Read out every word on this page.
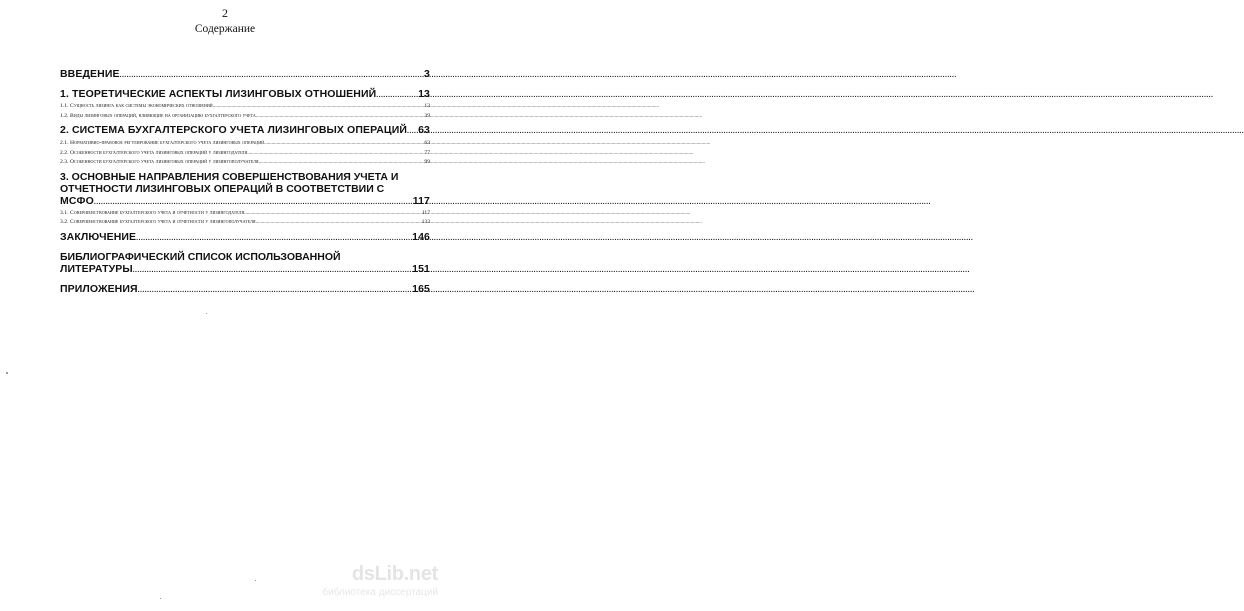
2
Содержание
ВВЕДЕНИЕ .....	3
1. ТЕОРЕТИЧЕСКИЕ АСПЕКТЫ ЛИЗИНГОВЫХ ОТНОШЕНИЙ .....	13
1.1. Сущность лизинга как системы экономических отношений .....	13
1.2. Виды лизинговых операций, влияющие на организацию бухгалтерского учета .....	39
2. СИСТЕМА БУХГАЛТЕРСКОГО УЧЕТА ЛИЗИНГОВЫХ ОПЕРАЦИЙ ..... 63
2.1. Нормативно-правовое регулирование бухгалтерского учета лизинговых операций .....	63
2.2. Особенности бухгалтерского учета лизинговых операций у лизингодателя .....	77
2.3. Особенности бухгалтерского учета лизинговых операций у лизингополучателя .....	99
3. ОСНОВНЫЕ НАПРАВЛЕНИЯ СОВЕРШЕНСТВОВАНИЯ УЧЕТА И
ОТЧЕТНОСТИ ЛИЗИНГОВЫХ ОПЕРАЦИЙ В СООТВЕТСТВИИ С
МСФО .....	117
3.1. Совершенствование бухгалтерского учета и отчетности у лизингодателя .....	117
3.2. Совершенствование бухгалтерского учета и отчетности у лизингополучателя .....	133
ЗАКЛЮЧЕНИЕ .....	146
БИБЛИОГРАФИЧЕСКИЙ СПИСОК ИСПОЛЬЗОВАННОЙ
ЛИТЕРАТУРЫ .....	151
ПРИЛОЖЕНИЯ .....	165
dsLib.net
библиотека диссертаций
